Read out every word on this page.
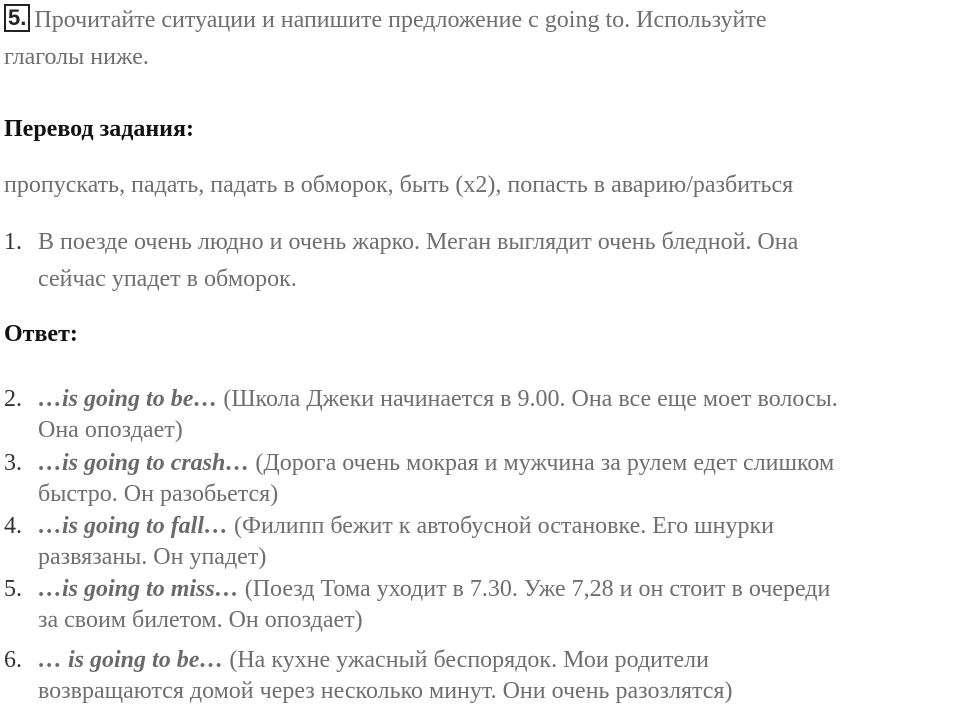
5. Прочитайте ситуации и напишите предложение с going to. Используйте
глаголы ниже.
Перевод задания:
пропускать, падать, падать в обморок, быть (x2), попасть в аварию/разбиться
1. В поезде очень людно и очень жарко. Меган выглядит очень бледной. Она
сейчас упадет в обморок.
Ответ:
2. …is going to be… (Школа Джеки начинается в 9.00. Она все еще моет волосы.
Она опоздает)
3. …is going to crash… (Дорога очень мокрая и мужчина за рулем едет слишком
быстро. Он разобьется)
4. …is going to fall… (Филипп бежит к автобусной остановке. Его шнурки
развязаны. Он упадет)
5. …is going to miss… (Поезд Тома уходит в 7.30. Уже 7,28 и он стоит в очереди
за своим билетом. Он опоздает)
6. … is going to be… (На кухне ужасный беспорядок. Мои родители
возвращаются домой через несколько минут. Они очень разозлятся)
